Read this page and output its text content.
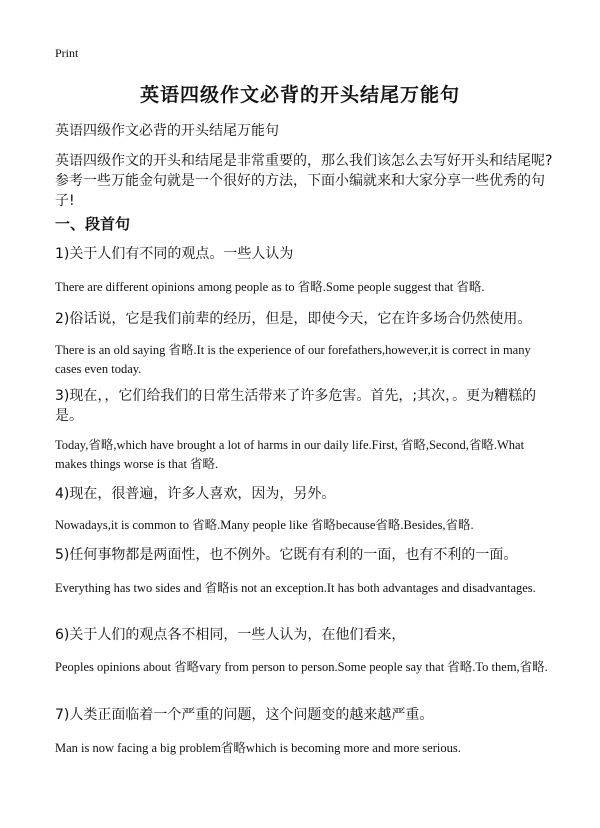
Print
英语四级作文必背的开头结尾万能句
英语四级作文必背的开头结尾万能句
英语四级作文的开头和结尾是非常重要的，那么我们该怎么去写好开头和结尾呢?参考一些万能金句就是一个很好的方法，下面小编就来和大家分享一些优秀的句子!
一、段首句
1)关于人们有不同的观点。一些人认为
There are different opinions among people as to 省略.Some people suggest that 省略.
2)俗话说，它是我们前辈的经历，但是，即使今天，它在许多场合仍然使用。
There is an old saying 省略.It is the experience of our forefathers,however,it is correct in many cases even today.
3)现在，，它们给我们的日常生活带来了许多危害。首先，;其次，。更为糟糕的是。
Today,省略,which have brought a lot of harms in our daily life.First, 省略,Second,省略.What makes things worse is that 省略.
4)现在，很普遍，许多人喜欢，因为，另外。
Nowadays,it is common to 省略.Many people like 省略because省略.Besides,省略.
5)任何事物都是两面性，也不例外。它既有有利的一面，也有不利的一面。
Everything has two sides and 省略is not an exception.It has both advantages and disadvantages.
6)关于人们的观点各不相同，一些人认为，在他们看来，
Peoples opinions about 省略vary from person to person.Some people say that 省略.To them,省略.
7)人类正面临着一个严重的问题，这个问题变的越来越严重。
Man is now facing a big problem省略which is becoming more and more serious.
